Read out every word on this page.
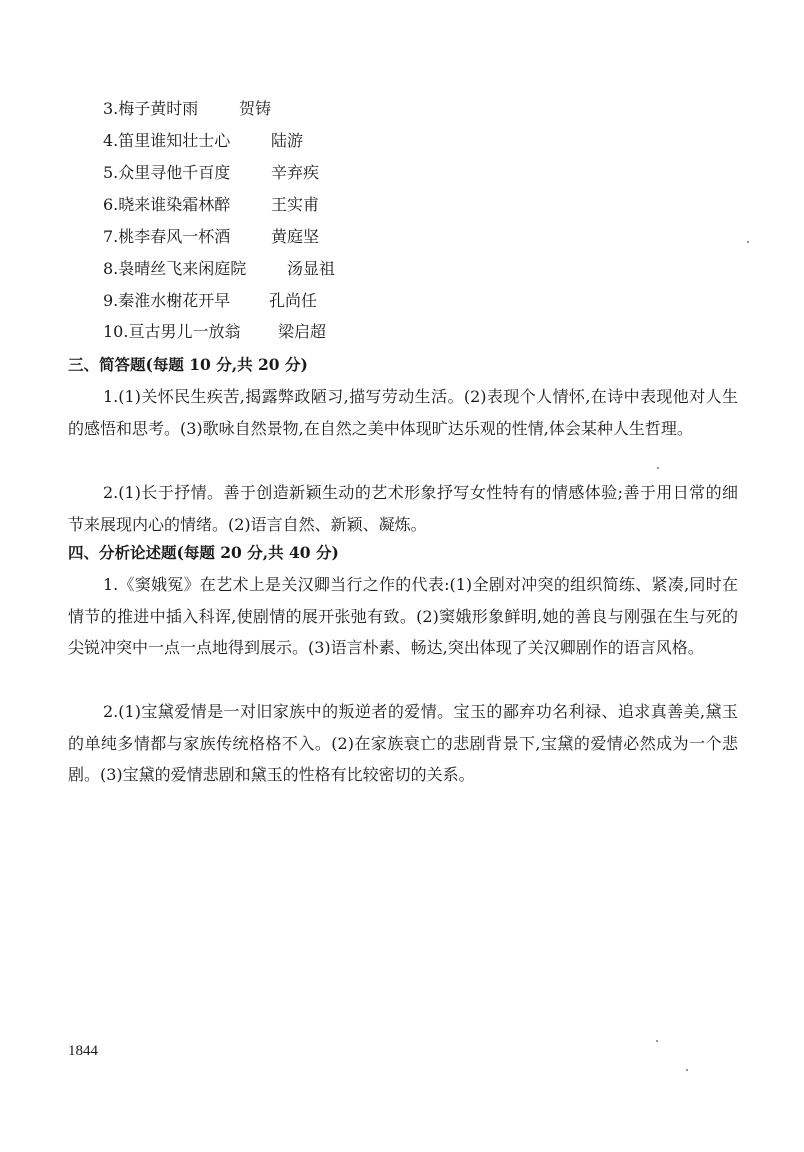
3.梅子黄时雨	贺铸
4.笛里谁知壮士心	陆游
5.众里寻他千百度	辛弃疾
6.晓来谁染霜林醉	王实甫
7.桃李春风一杯酒	黄庭坚
8.袅晴丝飞来闲庭院	汤显祖
9.秦淮水榭花开早 孔尚任
10.亘古男儿一放翁 梁启超
三、简答题(每题 10 分,共 20 分)
1.(1)关怀民生疾苦,揭露弊政陋习,描写劳动生活。(2)表现个人情怀,在诗中表现他对人生的感悟和思考。(3)歌咏自然景物,在自然之美中体现旷达乐观的性情,体会某种人生哲理。
2.(1)长于抒情。善于创造新颖生动的艺术形象抒写女性特有的情感体验;善于用日常的细节来展现内心的情绪。(2)语言自然、新颖、凝炼。
四、分析论述题(每题 20 分,共 40 分)
1.《窦娥冤》在艺术上是关汉卿当行之作的代表:(1)全剧对冲突的组织简练、紧凑,同时在情节的推进中插入科诨,使剧情的展开张弛有致。(2)窦娥形象鲜明,她的善良与刚强在生与死的尖锐冲突中一点一点地得到展示。(3)语言朴素、畅达,突出体现了关汉卿剧作的语言风格。
2.(1)宝黛爱情是一对旧家族中的叛逆者的爱情。宝玉的鄙弃功名利禄、追求真善美,黛玉的单纯多情都与家族传统格格不入。(2)在家族衰亡的悲剧背景下,宝黛的爱情必然成为一个悲剧。(3)宝黛的爱情悲剧和黛玉的性格有比较密切的关系。
1844
